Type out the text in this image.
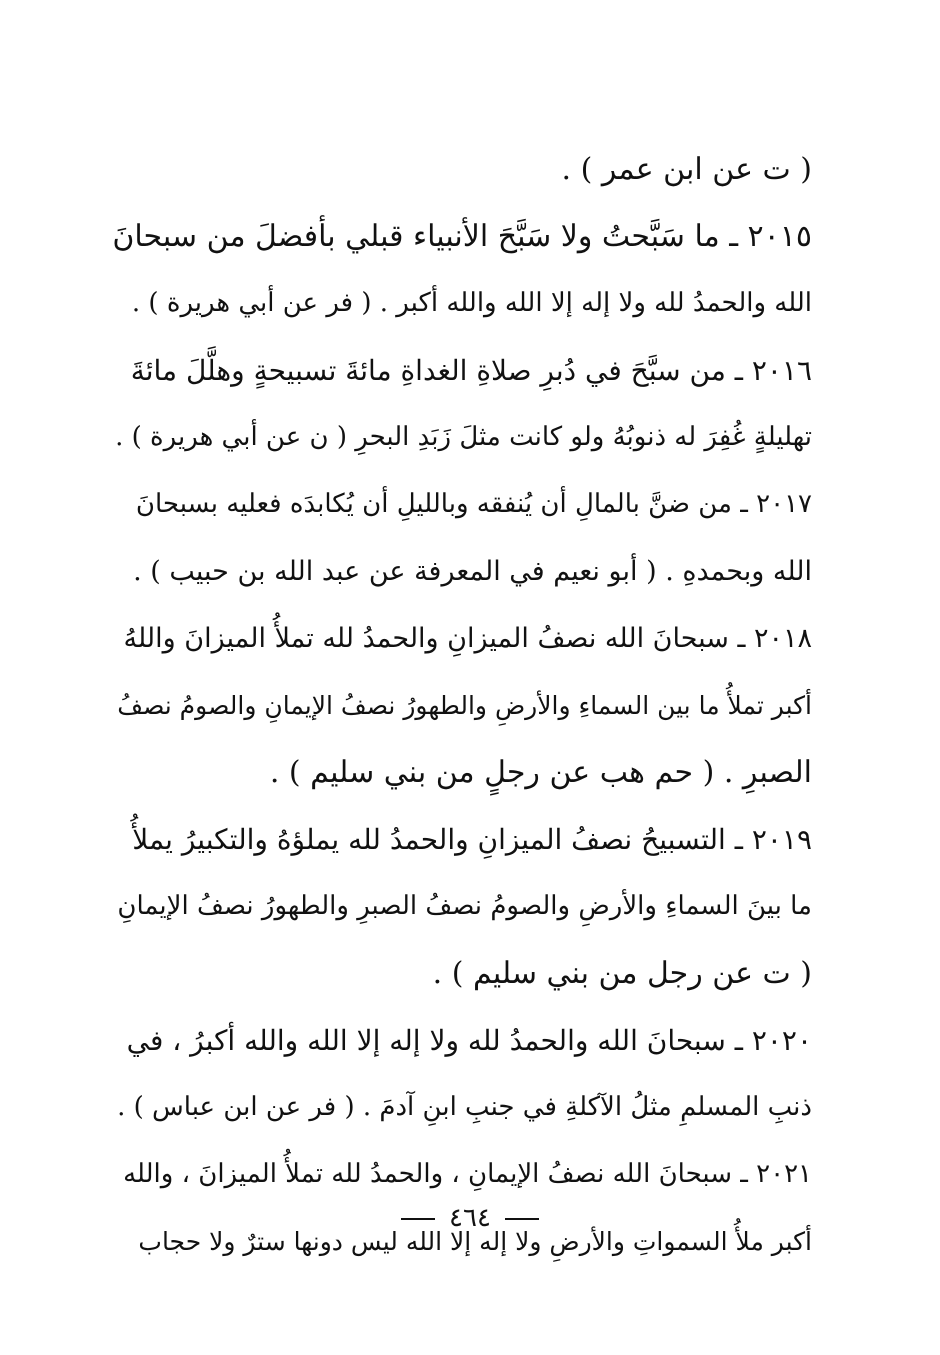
( ت عن ابن عمر ) .
٢٠١٥ ـ ما سَبَّحتُ ولا سَبَّحَ الأنبياء قبلي بأفضلَ من سبحانَ
الله والحمدُ لله ولا إله إلا الله والله أكبر . ( فر عن أبي هريرة ) .
٢٠١٦ ـ من سبَّحَ في دُبرِ صلاةِ الغداةِ مائةَ تسبيحةٍ وهلَّلَ مائةَ
تهليلةٍ غُفِرَ له ذنوبُهُ ولو كانت مثلَ زَبَدِ البحرِ ( ن عن أبي هريرة ) .
٢٠١٧ ـ من ضنَّ بالمالِ أن يُنفقه وبالليلِ أن يُكابدَه فعليه بسبحانَ
الله وبحمدهِ . ( أبو نعيم في المعرفة عن عبد الله بن حبيب ) .
٢٠١٨ ـ سبحانَ الله نصفُ الميزانِ والحمدُ لله تملأُ الميزانَ واللهُ
أكبر تملأُ ما بين السماءِ والأرضِ والطهورُ نصفُ الإيمانِ والصومُ نصفُ
الصبرِ . ( حم هب عن رجلٍ من بني سليم ) .
٢٠١٩ ـ التسبيحُ نصفُ الميزانِ والحمدُ لله يملؤهُ والتكبيرُ يملأُ
ما بينَ السماءِ والأرضِ والصومُ نصفُ الصبرِ والطهورُ نصفُ الإيمانِ
( ت عن رجل من بني سليم ) .
٢٠٢٠ ـ سبحانَ الله والحمدُ لله ولا إله إلا الله والله أكبرُ ، في
ذنبِ المسلمِ مثلُ الآكلةِ في جنبِ ابنِ آدمَ . ( فر عن ابن عباس ) .
٢٠٢١ ـ سبحانَ الله نصفُ الإيمانِ ، والحمدُ لله تملأُ الميزانَ ، والله
أكبر ملأُ السمواتِ والأرضِ ولا إله إلا الله ليس دونها سترٌ ولا حجاب
٤٦٤
